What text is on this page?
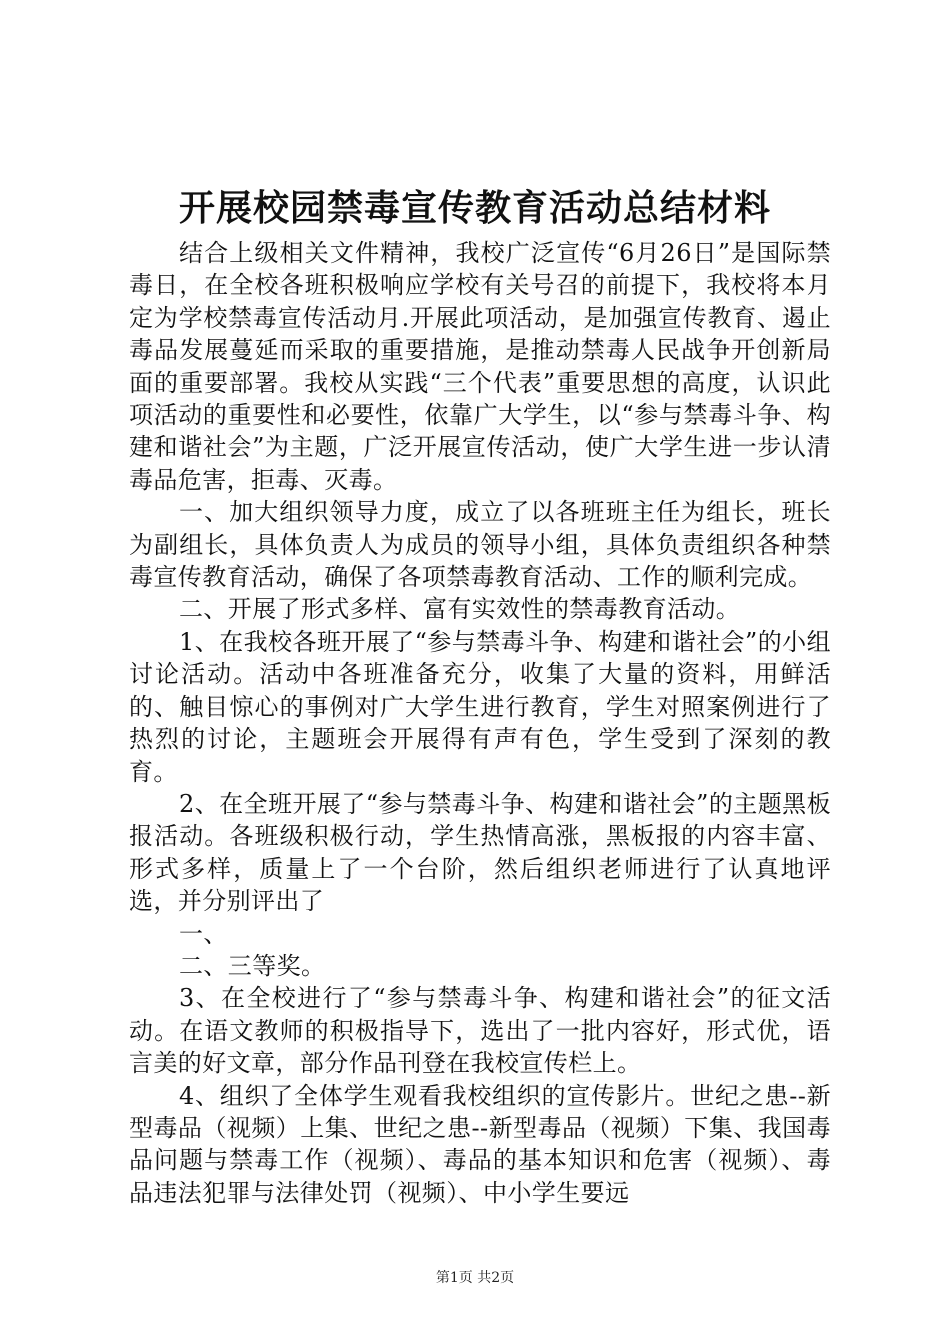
开展校园禁毒宣传教育活动总结材料

结合上级相关文件精神，我校广泛宣传“6月26日”是国际禁毒日，在全校各班积极响应学校有关号召的前提下，我校将本月定为学校禁毒宣传活动月.开展此项活动，是加强宣传教育、遏止毒品发展蔓延而采取的重要措施，是推动禁毒人民战争开创新局面的重要部署。我校从实践“三个代表”重要思想的高度，认识此项活动的重要性和必要性，依靠广大学生，以“参与禁毒斗争、构建和谐社会”为主题，广泛开展宣传活动，使广大学生进一步认清毒品危害，拒毒、灭毒。

一、加大组织领导力度，成立了以各班班主任为组长，班长为副组长，具体负责人为成员的领导小组，具体负责组织各种禁毒宣传教育活动，确保了各项禁毒教育活动、工作的顺利完成。

二、开展了形式多样、富有实效性的禁毒教育活动。

1、在我校各班开展了“参与禁毒斗争、构建和谐社会”的小组讨论活动。活动中各班准备充分，收集了大量的资料，用鲜活的、触目惊心的事例对广大学生进行教育，学生对照案例进行了热烈的讨论，主题班会开展得有声有色，学生受到了深刻的教育。

2、在全班开展了“参与禁毒斗争、构建和谐社会”的主题黑板报活动。各班级积极行动，学生热情高涨，黑板报的内容丰富、形式多样，质量上了一个台阶，然后组织老师进行了认真地评选，并分别评出了

一、

二、三等奖。

3、在全校进行了“参与禁毒斗争、构建和谐社会”的征文活动。在语文教师的积极指导下，选出了一批内容好，形式优，语言美的好文章，部分作品刊登在我校宣传栏上。

4、组织了全体学生观看我校组织的宣传影片。世纪之患--新型毒品（视频）上集、世纪之患--新型毒品（视频）下集、我国毒品问题与禁毒工作（视频）、毒品的基本知识和危害（视频）、毒品违法犯罪与法律处罚（视频）、中小学生要远

第1页 共2页
